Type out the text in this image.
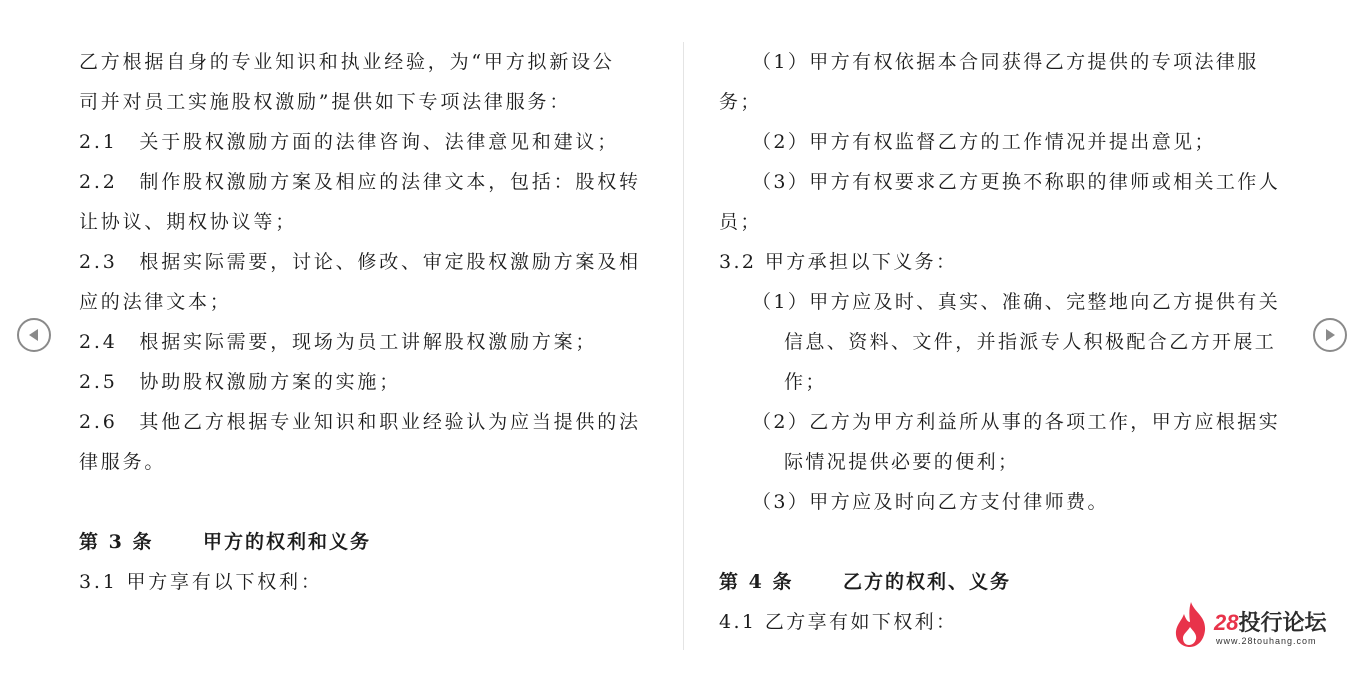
乙方根据自身的专业知识和执业经验，为“甲方拟新设公
司并对员工实施股权激励”提供如下专项法律服务：
2.1　关于股权激励方面的法律咨询、法律意见和建议；
2.2　制作股权激励方案及相应的法律文本，包括：股权转
让协议、期权协议等；
2.3　根据实际需要，讨论、修改、审定股权激励方案及相
应的法律文本；
2.4　根据实际需要，现场为员工讲解股权激励方案；
2.5　协助股权激励方案的实施；
2.6　其他乙方根据专业知识和职业经验认为应当提供的法
律服务。
第 3 条	甲方的权利和义务
3.1 甲方享有以下权利：
（1）甲方有权依据本合同获得乙方提供的专项法律服
务；
（2）甲方有权监督乙方的工作情况并提出意见；
（3）甲方有权要求乙方更换不称职的律师或相关工作人
员；
3.2 甲方承担以下义务：
（1）甲方应及时、真实、准确、完整地向乙方提供有关
信息、资料、文件，并指派专人积极配合乙方开展工
作；
（2）乙方为甲方利益所从事的各项工作，甲方应根据实
际情况提供必要的便利；
（3）甲方应及时向乙方支付律师费。
第 4 条	乙方的权利、义务
4.1 乙方享有如下权利：	28投行论坛
www.28touhang.com
